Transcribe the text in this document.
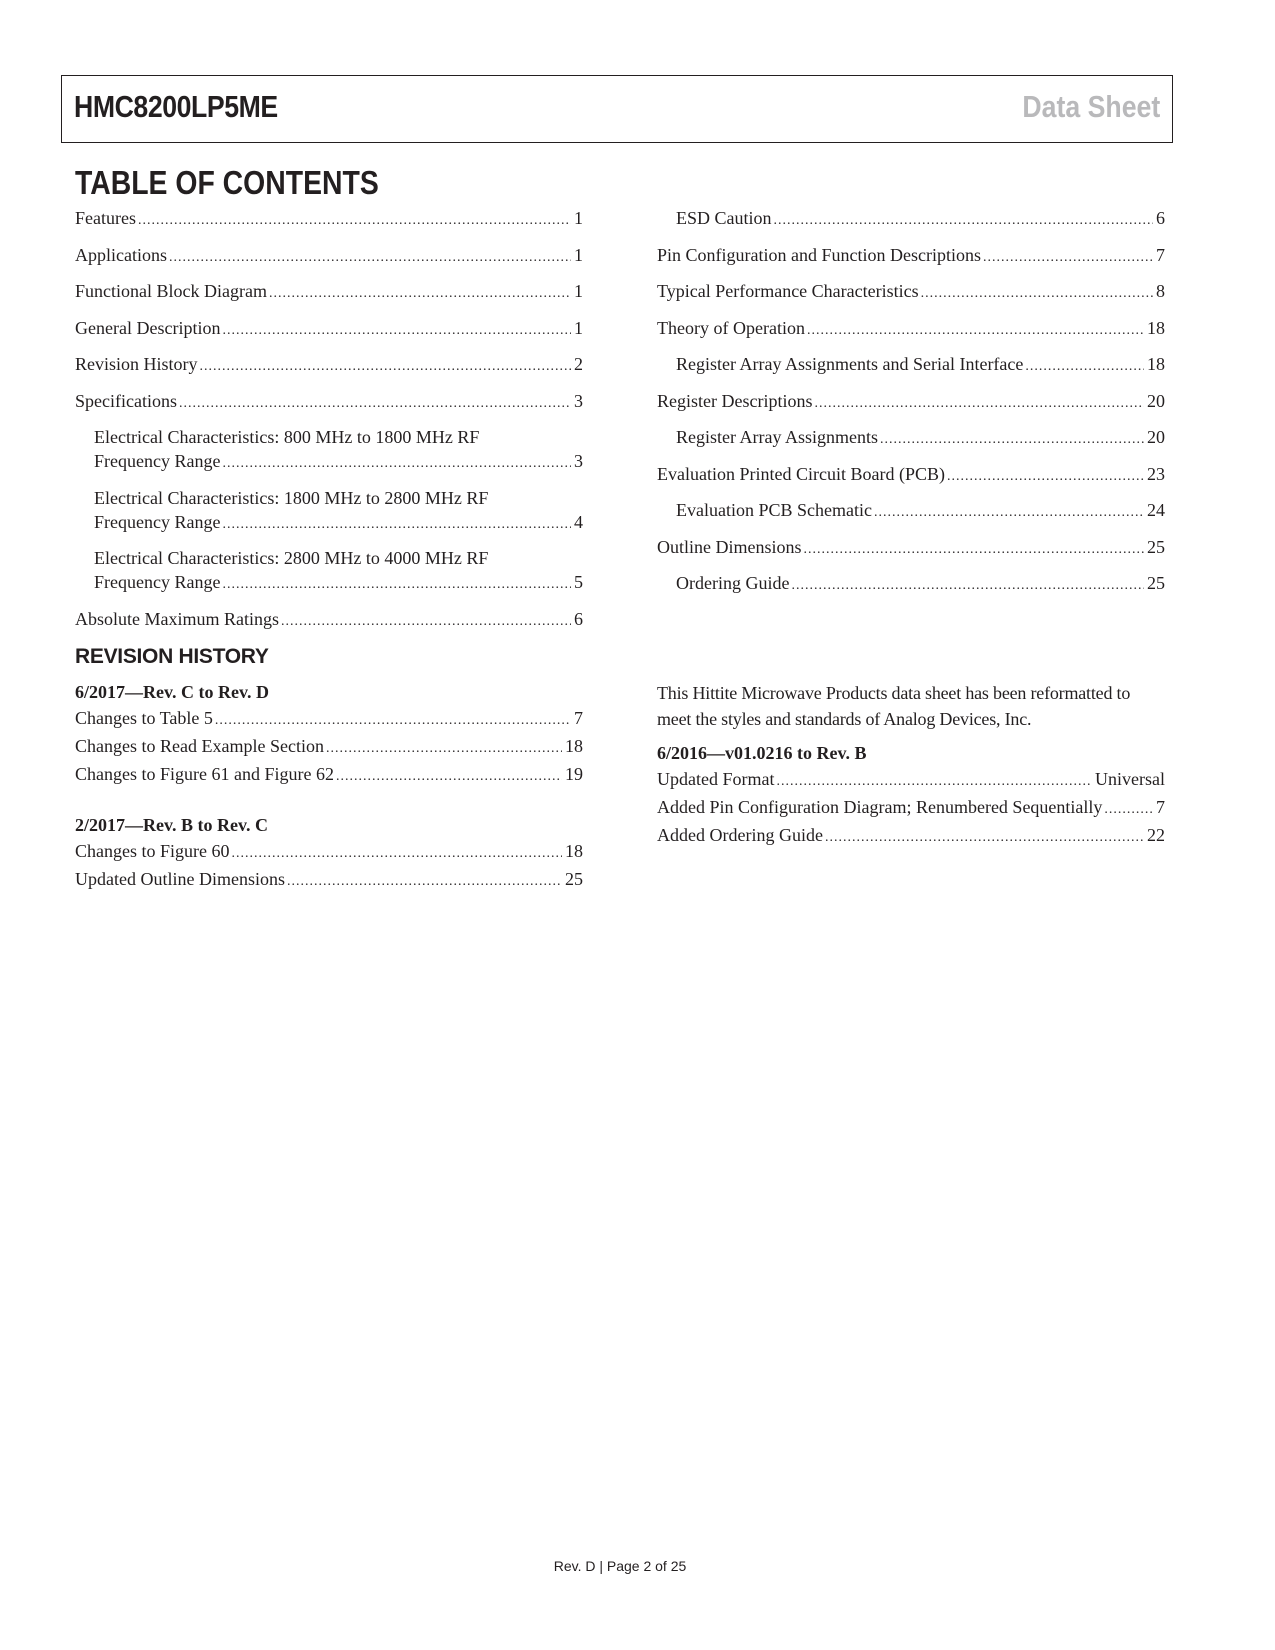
HMC8200LP5ME	Data Sheet
TABLE OF CONTENTS
Features .....	1
Applications .....	1
Functional Block Diagram .....	1
General Description .....	1
Revision History .....	2
Specifications .....	3
Electrical Characteristics: 800 MHz to 1800 MHz RF
Frequency Range .....	3
Electrical Characteristics: 1800 MHz to 2800 MHz RF
Frequency Range .....	4
Electrical Characteristics: 2800 MHz to 4000 MHz RF
Frequency Range .....	5
Absolute Maximum Ratings .....	6
ESD Caution .....	6
Pin Configuration and Function Descriptions .....	7
Typical Performance Characteristics .....	8
Theory of Operation .....	18
Register Array Assignments and Serial Interface .....	18
Register Descriptions .....	20
Register Array Assignments .....	20
Evaluation Printed Circuit Board (PCB) .....	23
Evaluation PCB Schematic .....	24
Outline Dimensions .....	25
Ordering Guide .....	25
REVISION HISTORY
6/2017—Rev. C to Rev. D
Changes to Table 5 .....	7
Changes to Read Example Section .....	18
Changes to Figure 61 and Figure 62 .....	19
2/2017—Rev. B to Rev. C
Changes to Figure 60 .....	18
Updated Outline Dimensions .....	25

This Hittite Microwave Products data sheet has been reformatted to meet the styles and standards of Analog Devices, Inc.

6/2016—v01.0216 to Rev. B
Updated Format .....	Universal
Added Pin Configuration Diagram; Renumbered Sequentially .....	7
Added Ordering Guide .....	22
Rev. D | Page 2 of 25
